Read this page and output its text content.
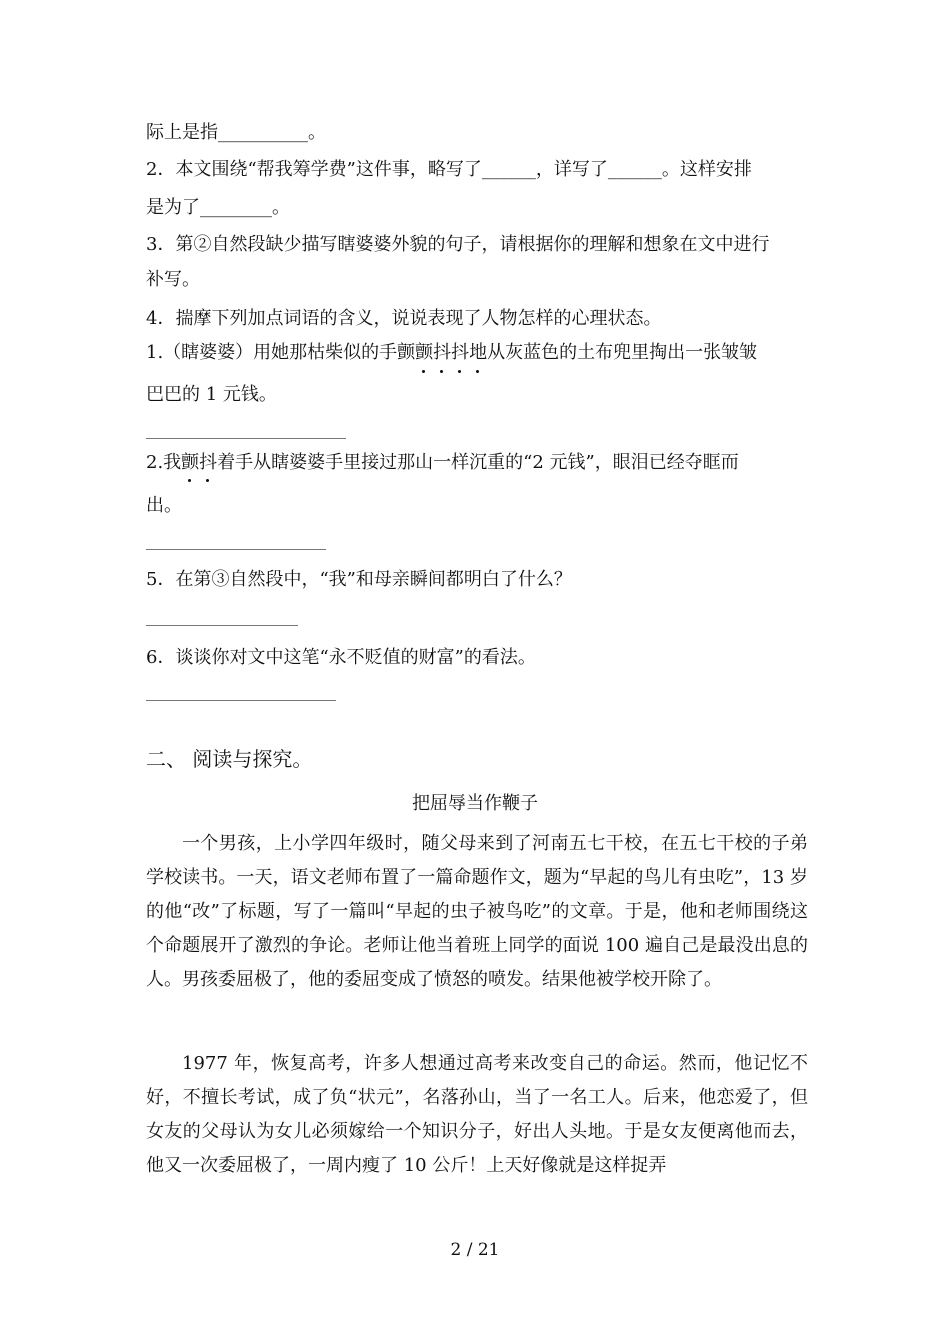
际上是指__________。
2．本文围绕“帮我筹学费”这件事，略写了______，详写了______。这样安排
是为了________。
3．第②自然段缺少描写瞎婆婆外貌的句子，请根据你的理解和想象在文中进行
补写。
4．揣摩下列加点词语的含义，说说表现了人物怎样的心理状态。
1.（瞎婆婆）用她那枯柴似的手颤颤抖抖地从灰蓝色的土布兜里掏出一张皱皱
巴巴的 1 元钱。
2.我颤抖着手从瞎婆婆手里接过那山一样沉重的“2 元钱”，眼泪已经夺眶而
出。
5．在第③自然段中，“我”和母亲瞬间都明白了什么？
6．谈谈你对文中这笔“永不贬值的财富”的看法。
二、 阅读与探究。
把屈辱当作鞭子
一个男孩，上小学四年级时，随父母来到了河南五七干校，在五七干校的子弟学校读书。一天，语文老师布置了一篇命题作文，题为“早起的鸟儿有虫吃”，13 岁的他“改”了标题，写了一篇叫“早起的虫子被鸟吃”的文章。于是，他和老师围绕这个命题展开了激烈的争论。老师让他当着班上同学的面说 100 遍自己是最没出息的人。男孩委屈极了，他的委屈变成了愤怒的喷发。结果他被学校开除了。
1977 年，恢复高考，许多人想通过高考来改变自己的命运。然而，他记忆不好，不擅长考试，成了负“状元”，名落孙山，当了一名工人。后来，他恋爱了，但女友的父母认为女儿必须嫁给一个知识分子，好出人头地。于是女友便离他而去，他又一次委屈极了，一周内瘦了 10 公斤！上天好像就是这样捉弄
2 / 21
